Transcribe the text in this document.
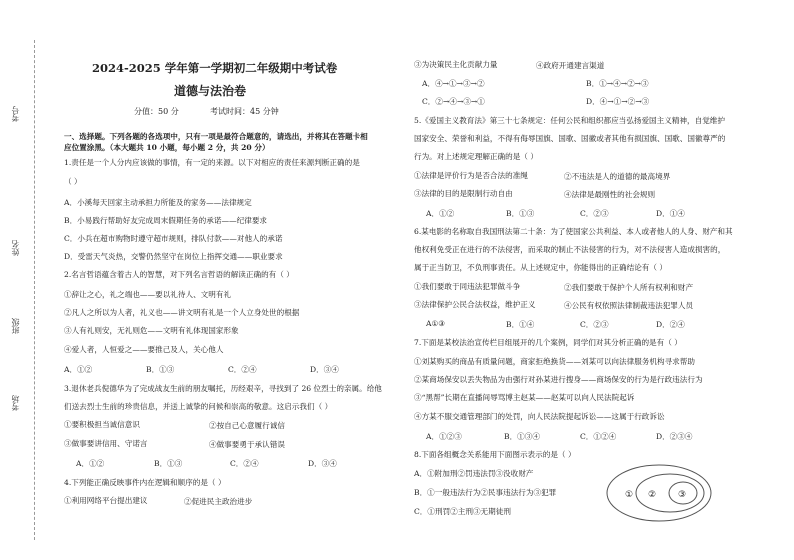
考号
姓名
班级
考场
2024-2025 学年第一学期初二年级期中考试卷
道德与法治卷
分值：50 分	考试时间：45 分钟
一、选择题。下列各题的各选项中，只有一项是最符合题意的，请选出，并将其在答题卡相
应位置涂黑。（本大题共 10 小题，每小题 2 分，共 20 分）
1.责任是一个人分内应该做的事情，有一定的来源。以下对相应的责任来源判断正确的是
（ ）
A．小溪每天回家主动承担力所能及的家务——法律规定
B．小易践行帮助好友完成周末假期任务的承诺——纪律要求
C．小兵在超市购物时遵守超市规则，排队付款——对他人的承诺
D．受雷天气炎热，交警仍然坚守在岗位上指挥交通——职业要求
2.名言哲语蕴含着古人的智慧，对下列名言哲语的解读正确的有（ ）
①辞让之心，礼之端也——要以礼待人、文明有礼
②凡人之所以为人者，礼义也——讲文明有礼是一个人立身处世的根据
③人有礼则安，无礼则危——文明有礼体现国家形象
④爱人者，人恒爱之——要推己及人，关心他人
A．①②	B．①③	C．②④	D．③④
3.退休老兵倪德华为了完成战友生前的朋友嘱托，历经艰辛，寻找到了 26 位烈士的亲属。给他
们送去烈士生前的珍贵信息，并送上诚挚的问候和崇高的敬意。这启示我们（ ）
①要积极担当诚信意识	②按自己心意履行诚信
③做事要讲信用、守诺言	④做事要勇于承认错误
A．①②	B．①③	C．②④	D．③④
4.下列能正确反映事件内在逻辑和顺序的是（ ）
①利用网络平台提出建议	②促进民主政治进步
③为决策民主化贡献力量	④政府开通建言渠道
A．④→①→③→②	B．①→④→②→③
C．②→④→③→①	D．④→①→②→③
5.《爱国主义教育法》第三十七条规定：任何公民和组织都应当弘扬爱国主义精神，自觉维护
国家安全、荣誉和利益，不得有侮辱国旗、国歌、国徽或者其他有损国旗、国歌、国徽尊严的
行为。对上述规定理解正确的是（ ）
①法律是评价行为是否合法的准绳	②不违法是人的道德的最高境界
③法律的目的是限制行动自由	④法律是最刚性的社会规则
A．①②	B．①③	C．②③	D．①④
6.某电影的名称取自我国刑法第二十条：为了使国家公共利益、本人或者他人的人身、财产和其
他权利免受正在进行的不法侵害，而采取的制止不法侵害的行为，对不法侵害人造成损害的，
属于正当防卫，不负刑事责任。从上述规定中，你能得出的正确结论有（ ）
①我们要敢于同违法犯罪做斗争	②我们要敢于保护个人所有权利和财产
③法律保护公民合法权益，维护正义	④公民有权依照法律制裁违法犯罪人员
A①③	B．①④	C．②③	D．②④
7.下面是某校法治宣传栏目组展开的几个案例，同学们对其分析正确的是有（ ）
①刘某购买的商品有质量问题，商家拒绝换货——刘某可以向法律服务机构寻求帮助
②某商场保安以丢失物品为由强行对孙某进行搜身——商场保安的行为是行政违法行为
③“黑帮”长期在直播间辱骂博主赵某——赵某可以向人民法院起诉
④方某不服交通管理部门的处罚，向人民法院提起诉讼——这属于行政诉讼
A．①②③	B．①③④	C．①②④	D．②③④
8.下面各组概念关系能用下面图示表示的是（ ）
A．①附加刑②罚违法罚③没收财产
B．①一般违法行为②民事违法行为③犯罪
C．①刑罚②主刑③无期徒刑
① ② ③
